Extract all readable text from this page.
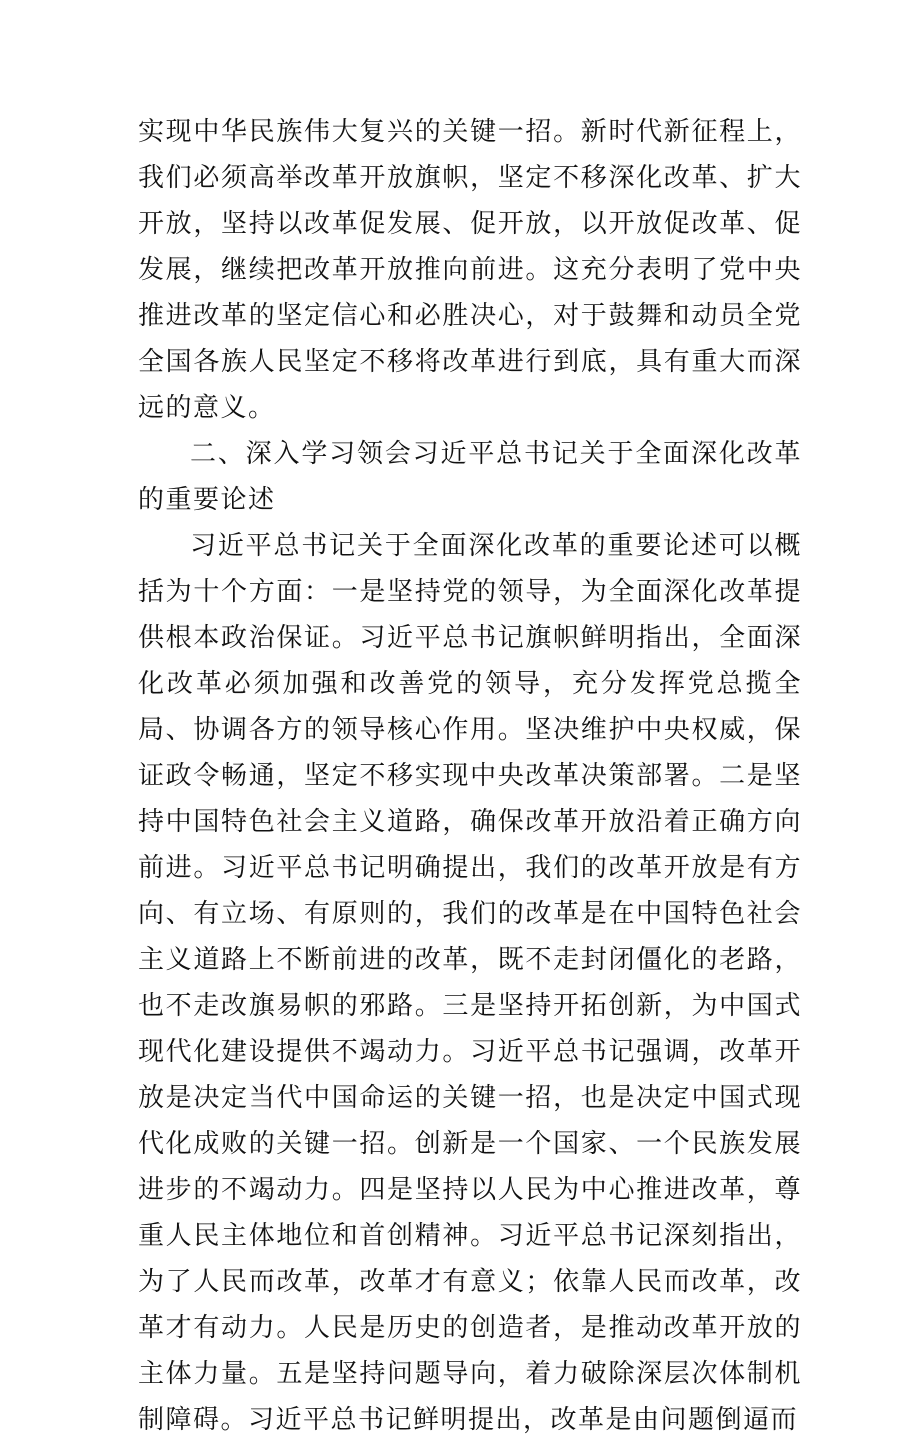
实现中华民族伟大复兴的关键一招。新时代新征程上，我们必须高举改革开放旗帜，坚定不移深化改革、扩大开放，坚持以改革促发展、促开放，以开放促改革、促发展，继续把改革开放推向前进。这充分表明了党中央推进改革的坚定信心和必胜决心，对于鼓舞和动员全党全国各族人民坚定不移将改革进行到底，具有重大而深远的意义。

二、深入学习领会习近平总书记关于全面深化改革的重要论述

习近平总书记关于全面深化改革的重要论述可以概括为十个方面：一是坚持党的领导，为全面深化改革提供根本政治保证。习近平总书记旗帜鲜明指出，全面深化改革必须加强和改善党的领导，充分发挥党总揽全局、协调各方的领导核心作用。坚决维护中央权威，保证政令畅通，坚定不移实现中央改革决策部署。二是坚持中国特色社会主义道路，确保改革开放沿着正确方向前进。习近平总书记明确提出，我们的改革开放是有方向、有立场、有原则的，我们的改革是在中国特色社会主义道路上不断前进的改革，既不走封闭僵化的老路，也不走改旗易帜的邪路。三是坚持开拓创新，为中国式现代化建设提供不竭动力。习近平总书记强调，改革开放是决定当代中国命运的关键一招，也是决定中国式现代化成败的关键一招。创新是一个国家、一个民族发展进步的不竭动力。四是坚持以人民为中心推进改革，尊重人民主体地位和首创精神。习近平总书记深刻指出，为了人民而改革，改革才有意义；依靠人民而改革，改革才有动力。人民是历史的创造者，是推动改革开放的主体力量。五是坚持问题导向，着力破除深层次体制机制障碍。习近平总书记鲜明提出，改革是由问题倒逼而
